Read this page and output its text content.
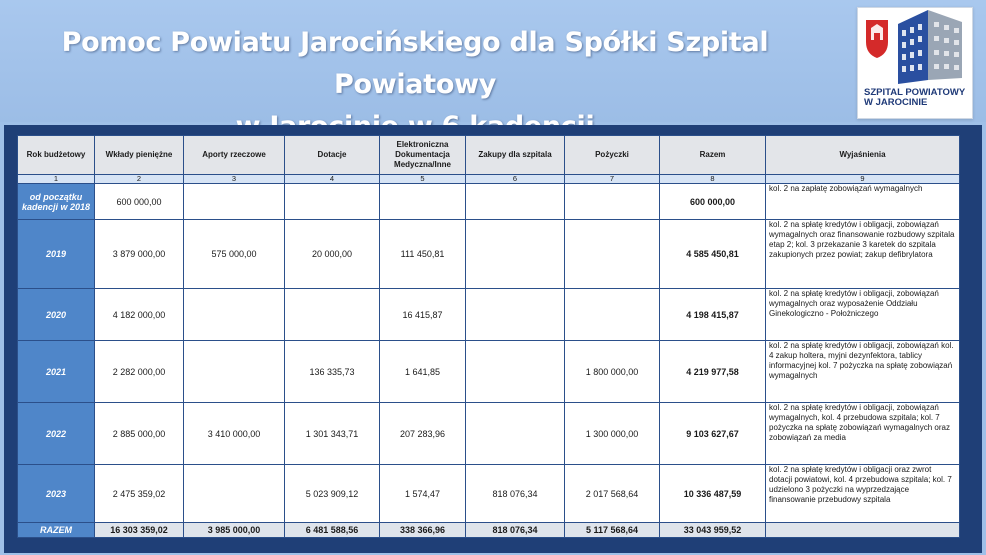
Pomoc Powiatu Jarocińskiego dla Spółki Szpital Powiatowy	SZPITAL POWIATOWY
W JAROCINIE
Rok budżetowy	Wkłady pieniężne	Aporty rzeczowe	Dotacje	Elektroniczna Dokumentacja Medyczna/Inne	Zakupy dla szpitala	Pożyczki	Razem	Wyjaśnienia
1	2	3	4	5	6	7	8	9
od początku kadencji w 2018	600 000,00						600 000,00	kol. 2 na zapłatę zobowiązań wymagalnych
2019	3 879 000,00	575 000,00	20 000,00	111 450,81			4 585 450,81	kol. 2 na spłatę kredytów i obligacji, zobowiązań wymagalnych oraz finansowanie rozbudowy szpitala etap 2; kol. 3 przekazanie 3 karetek do szpitala zakupionych przez powiat; zakup defibrylatora
2020	4 182 000,00			16 415,87			4 198 415,87	kol. 2 na spłatę kredytów i obligacji, zobowiązań wymagalnych oraz wyposażenie Oddziału Ginekologiczno - Położniczego
2021	2 282 000,00		136 335,73	1 641,85		1 800 000,00	4 219 977,58	kol. 2 na spłatę kredytów i obligacji, zobowiązań kol. 4 zakup holtera, myjni dezynfektora, tablicy informacyjnej kol. 7 pożyczka na spłatę zobowiązań wymagalnych
2022	2 885 000,00	3 410 000,00	1 301 343,71	207 283,96		1 300 000,00	9 103 627,67	kol. 2 na spłatę kredytów i obligacji, zobowiązań wymagalnych, kol. 4 przebudowa szpitala; kol. 7 pożyczka na spłatę zobowiązań wymagalnych oraz zobowiązań za media
2023	2 475 359,02		5 023 909,12	1 574,47	818 076,34	2 017 568,64	10 336 487,59	kol. 2 na spłatę kredytów i obligacji oraz zwrot dotacji powiatowi, kol. 4 przebudowa szpitala; kol. 7 udzielono 3 pożyczki na wyprzedzające finansowanie przebudowy szpitala
RAZEM	16 303 359,02	3 985 000,00	6 481 588,56	338 366,96	818 076,34	5 117 568,64	33 043 959,52	
